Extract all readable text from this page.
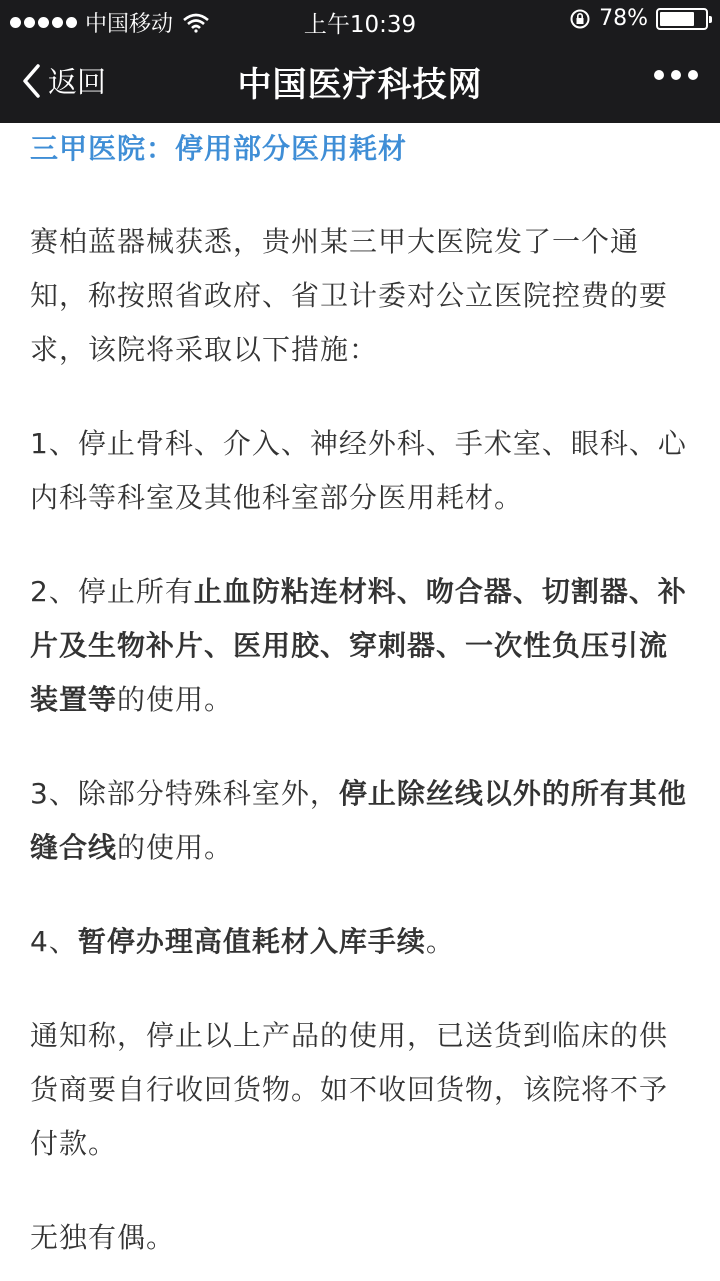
中国移动	上午10:39	78%
返回	中国医疗科技网

三甲医院：停用部分医用耗材

赛柏蓝器械获悉，贵州某三甲大医院发了一个通知，称按照省政府、省卫计委对公立医院控费的要求，该院将采取以下措施：

1、停止骨科、介入、神经外科、手术室、眼科、心内科等科室及其他科室部分医用耗材。

2、停止所有止血防粘连材料、吻合器、切割器、补片及生物补片、医用胶、穿刺器、一次性负压引流装置等的使用。

3、除部分特殊科室外，停止除丝线以外的所有其他缝合线的使用。

4、暂停办理高值耗材入库手续。

通知称，停止以上产品的使用，已送货到临床的供货商要自行收回货物。如不收回货物，该院将不予付款。

无独有偶。
